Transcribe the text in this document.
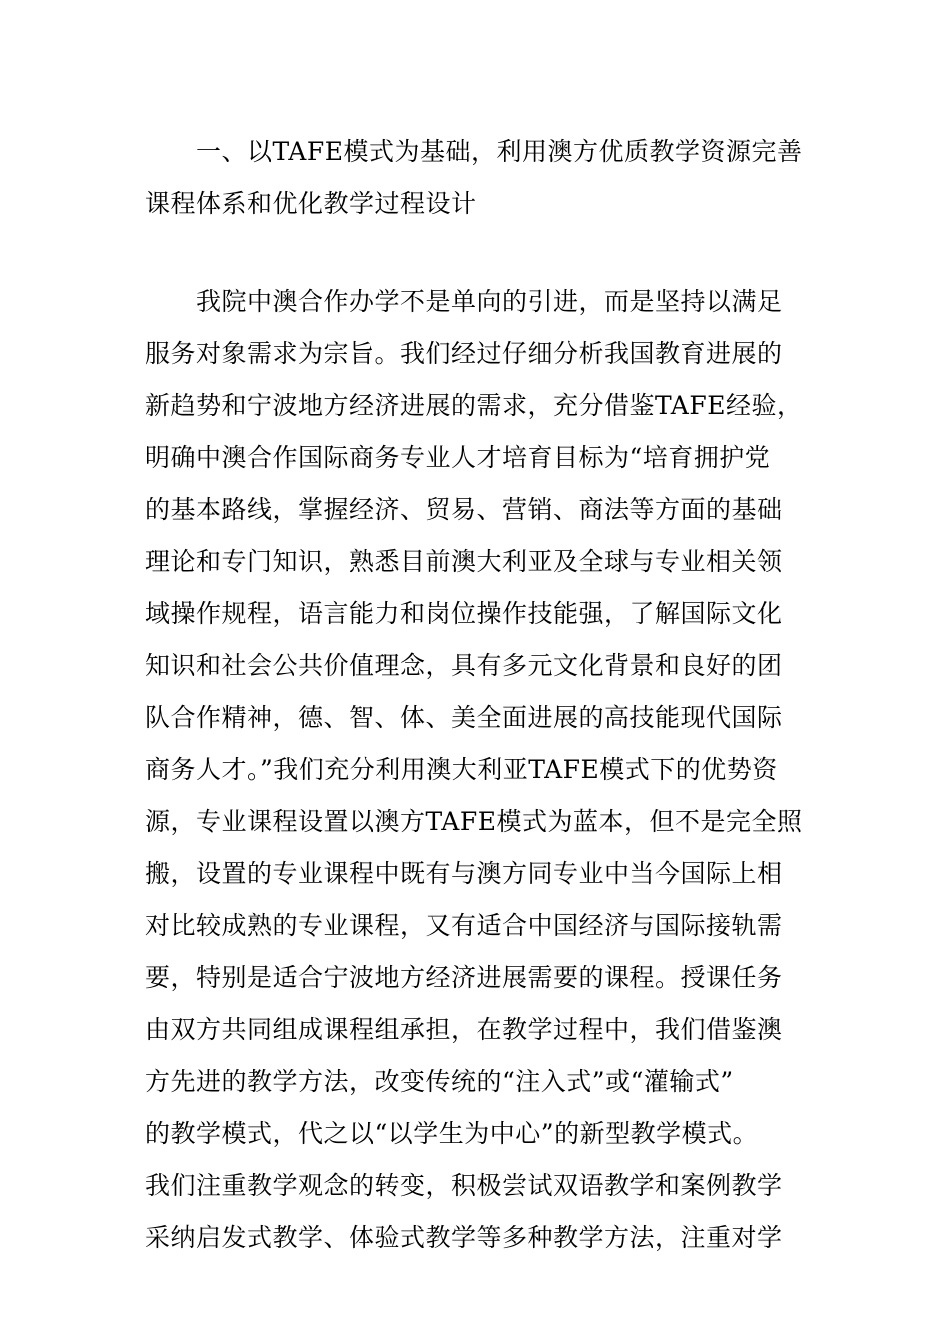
　　一、以TAFE模式为基础，利用澳方优质教学资源完善
课程体系和优化教学过程设计
　　我院中澳合作办学不是单向的引进，而是坚持以满足
服务对象需求为宗旨。我们经过仔细分析我国教育进展的
新趋势和宁波地方经济进展的需求，充分借鉴TAFE经验，
明确中澳合作国际商务专业人才培育目标为“培育拥护党
的基本路线，掌握经济、贸易、营销、商法等方面的基础
理论和专门知识，熟悉目前澳大利亚及全球与专业相关领
域操作规程，语言能力和岗位操作技能强，了解国际文化
知识和社会公共价值理念，具有多元文化背景和良好的团
队合作精神，德、智、体、美全面进展的高技能现代国际
商务人才。”我们充分利用澳大利亚TAFE模式下的优势资
源，专业课程设置以澳方TAFE模式为蓝本，但不是完全照
搬，设置的专业课程中既有与澳方同专业中当今国际上相
对比较成熟的专业课程，又有适合中国经济与国际接轨需
要，特别是适合宁波地方经济进展需要的课程。授课任务
由双方共同组成课程组承担，在教学过程中，我们借鉴澳
方先进的教学方法，改变传统的“注入式”或“灌输式”
的教学模式，代之以“以学生为中心”的新型教学模式。
我们注重教学观念的转变，积极尝试双语教学和案例教学
采纳启发式教学、体验式教学等多种教学方法，注重对学
